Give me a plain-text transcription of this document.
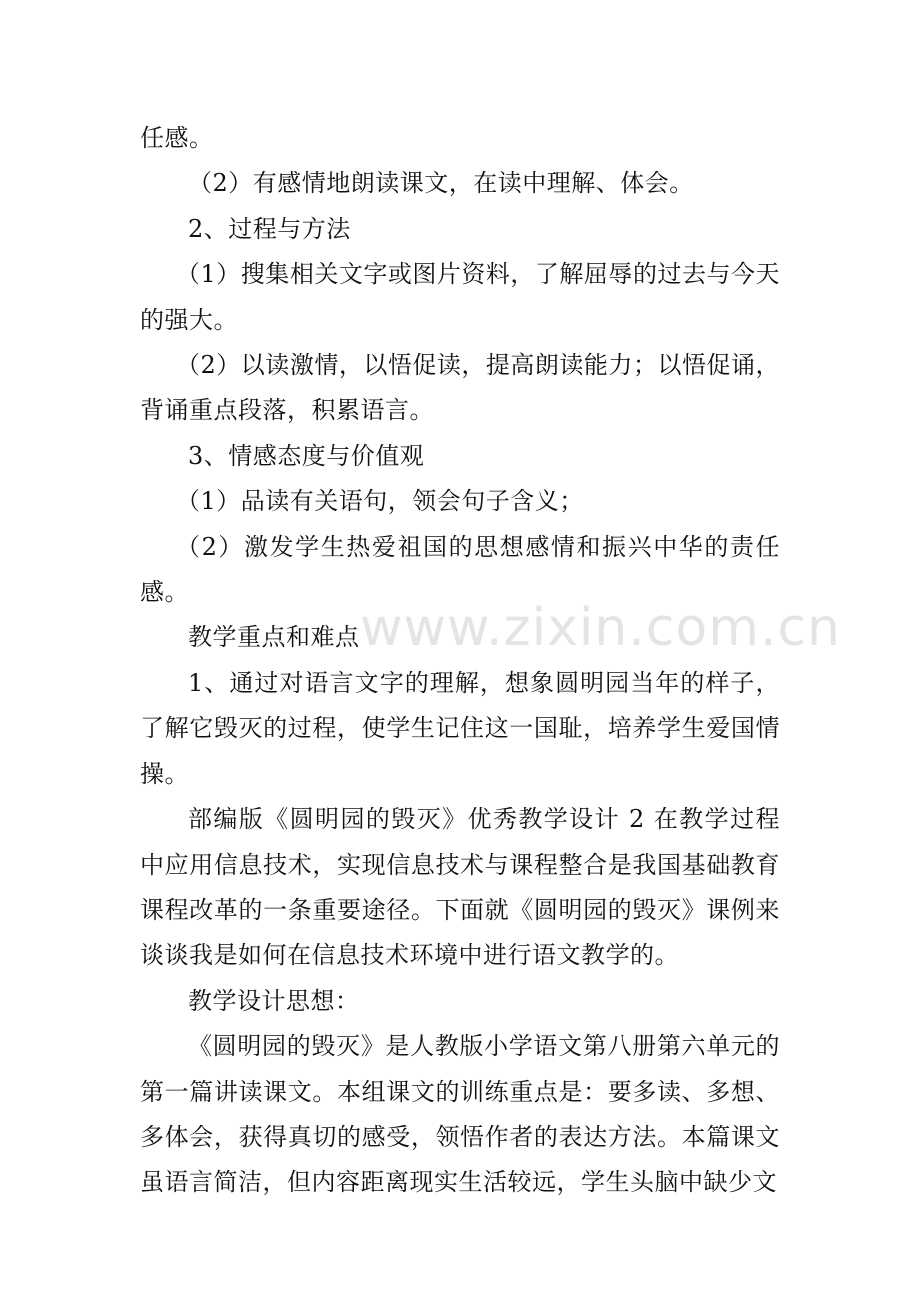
www.zixin.com.cn

任感。

（2）有感情地朗读课文，在读中理解、体会。

2、过程与方法

（1）搜集相关文字或图片资料，了解屈辱的过去与今天的强大。

（2）以读激情，以悟促读，提高朗读能力；以悟促诵，背诵重点段落，积累语言。

3、情感态度与价值观

（1）品读有关语句，领会句子含义；

（2）激发学生热爱祖国的思想感情和振兴中华的责任感。

教学重点和难点

1、通过对语言文字的理解，想象圆明园当年的样子，了解它毁灭的过程，使学生记住这一国耻，培养学生爱国情操。

部编版《圆明园的毁灭》优秀教学设计 2 在教学过程中应用信息技术，实现信息技术与课程整合是我国基础教育课程改革的一条重要途径。下面就《圆明园的毁灭》课例来谈谈我是如何在信息技术环境中进行语文教学的。

教学设计思想：

《圆明园的毁灭》是人教版小学语文第八册第六单元的第一篇讲读课文。本组课文的训练重点是：要多读、多想、多体会，获得真切的感受，领悟作者的表达方法。本篇课文虽语言简洁，但内容距离现实生活较远，学生头脑中缺少文
